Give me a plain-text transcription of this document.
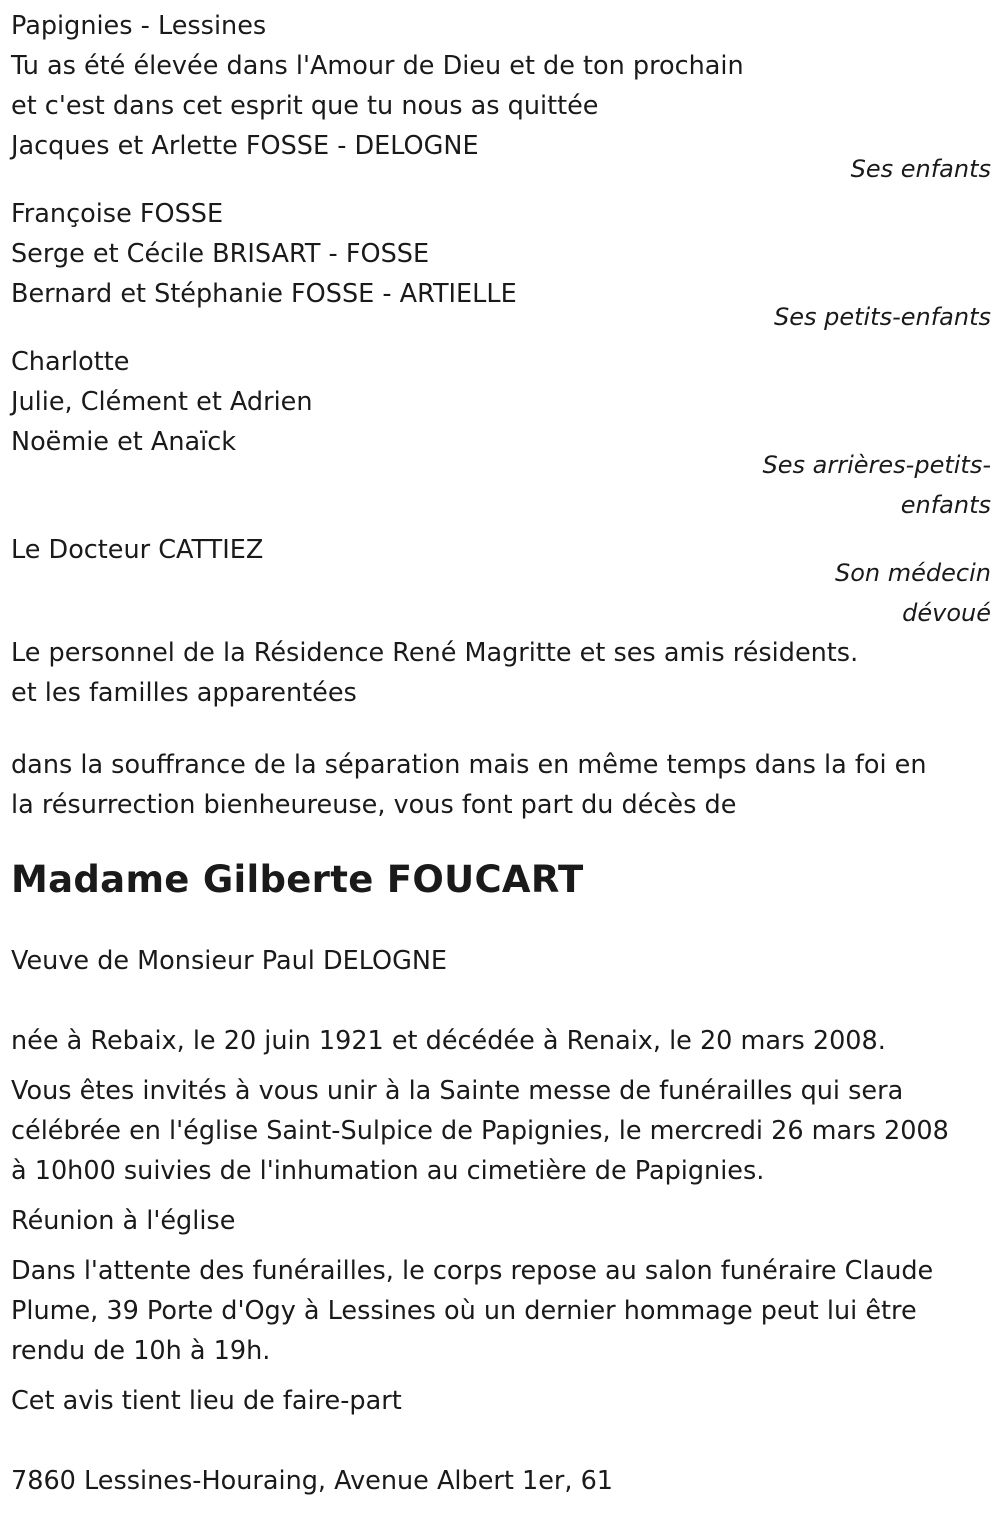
Papignies - Lessines
Tu as été élevée dans l'Amour de Dieu et de ton prochain
et c'est dans cet esprit que tu nous as quittée
Jacques et Arlette FOSSE - DELOGNE
Ses enfants
Françoise FOSSE
Serge et Cécile BRISART - FOSSE
Bernard et Stéphanie FOSSE - ARTIELLE
Ses petits-enfants
Charlotte
Julie, Clément et Adrien
Noëmie et Anaïck
Ses arrières-petits-
enfants
Le Docteur CATTIEZ
Son médecin
dévoué
Le personnel de la Résidence René Magritte et ses amis résidents.
et les familles apparentées
dans la souffrance de la séparation mais en même temps dans la foi en
la résurrection bienheureuse, vous font part du décès de
Madame Gilberte FOUCART
Veuve de Monsieur Paul DELOGNE
née à Rebaix, le 20 juin 1921 et décédée à Renaix, le 20 mars 2008.
Vous êtes invités à vous unir à la Sainte messe de funérailles qui sera
célébrée en l'église Saint-Sulpice de Papignies, le mercredi 26 mars 2008
à 10h00 suivies de l'inhumation au cimetière de Papignies.
Réunion à l'église
Dans l'attente des funérailles, le corps repose au salon funéraire Claude
Plume, 39 Porte d'Ogy à Lessines où un dernier hommage peut lui être
rendu de 10h à 19h.
Cet avis tient lieu de faire-part
7860 Lessines-Houraing, Avenue Albert 1er, 61
